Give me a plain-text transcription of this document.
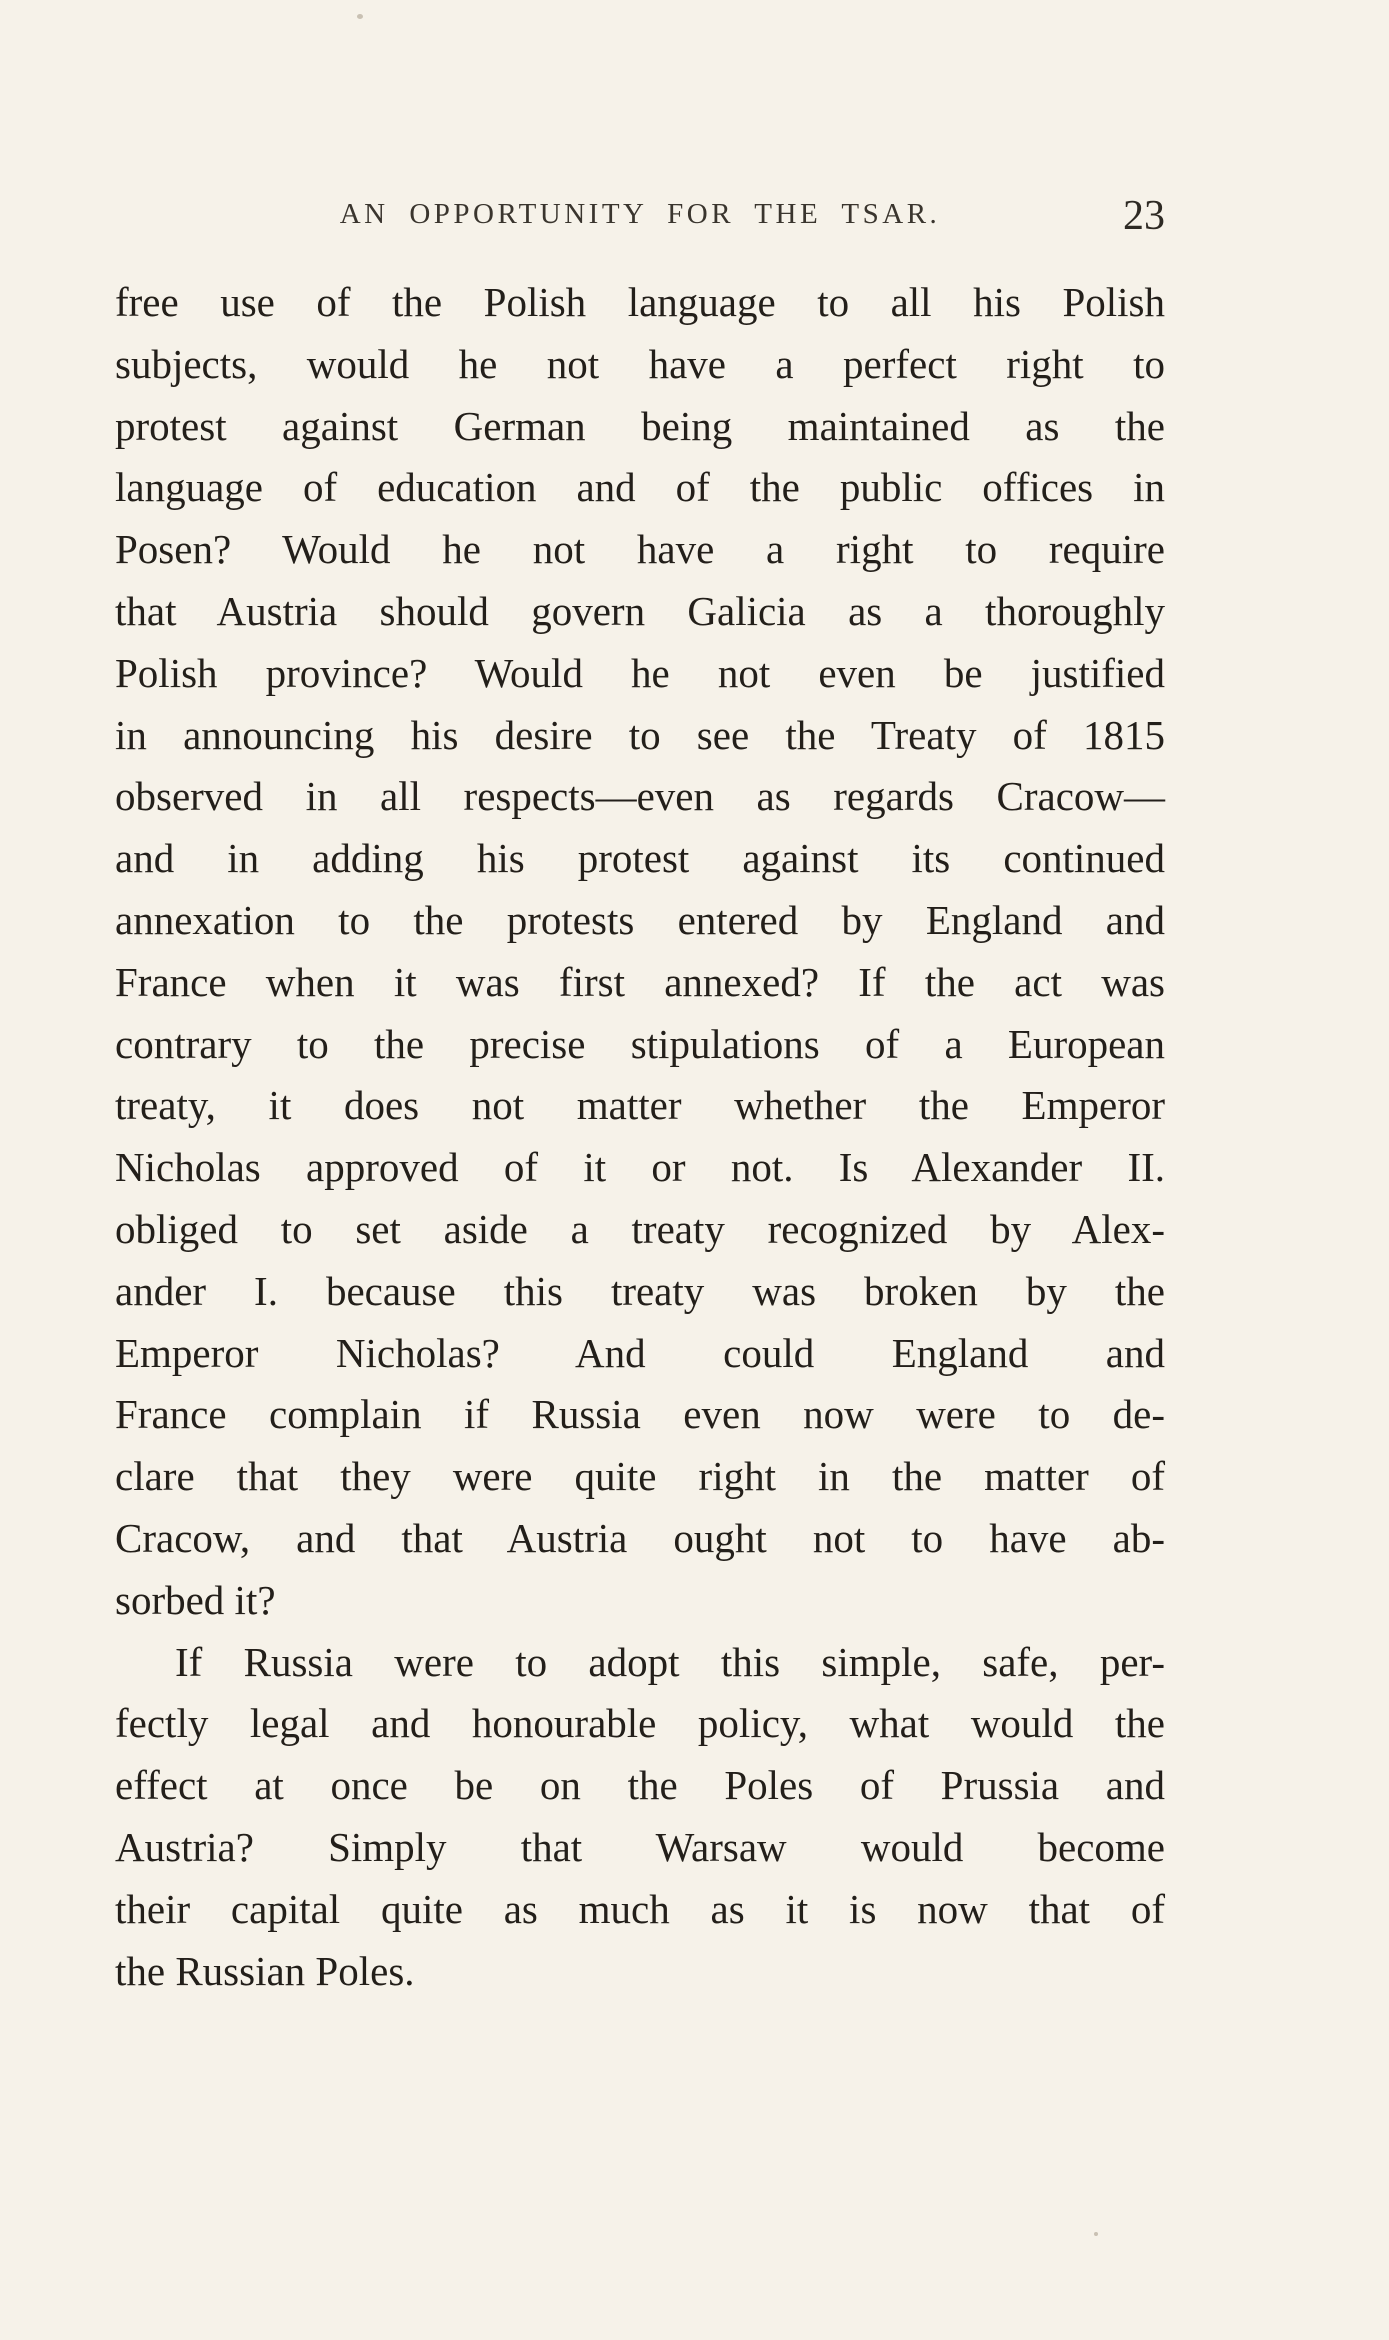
AN OPPORTUNITY FOR THE TSAR.	23
free use of the Polish language to all his Polish
subjects, would he not have a perfect right to
protest against German being maintained as the
language of education and of the public offices in
Posen? Would he not have a right to require
that Austria should govern Galicia as a thoroughly
Polish province? Would he not even be justified
in announcing his desire to see the Treaty of 1815
observed in all respects—even as regards Cracow—
and in adding his protest against its continued
annexation to the protests entered by England and
France when it was first annexed? If the act was
contrary to the precise stipulations of a European
treaty, it does not matter whether the Emperor
Nicholas approved of it or not. Is Alexander II.
obliged to set aside a treaty recognized by Alex-
ander I. because this treaty was broken by the
Emperor Nicholas? And could England and
France complain if Russia even now were to de-
clare that they were quite right in the matter of
Cracow, and that Austria ought not to have ab-
sorbed it?
If Russia were to adopt this simple, safe, per-
fectly legal and honourable policy, what would the
effect at once be on the Poles of Prussia and
Austria? Simply that Warsaw would become
their capital quite as much as it is now that of
the Russian Poles.
